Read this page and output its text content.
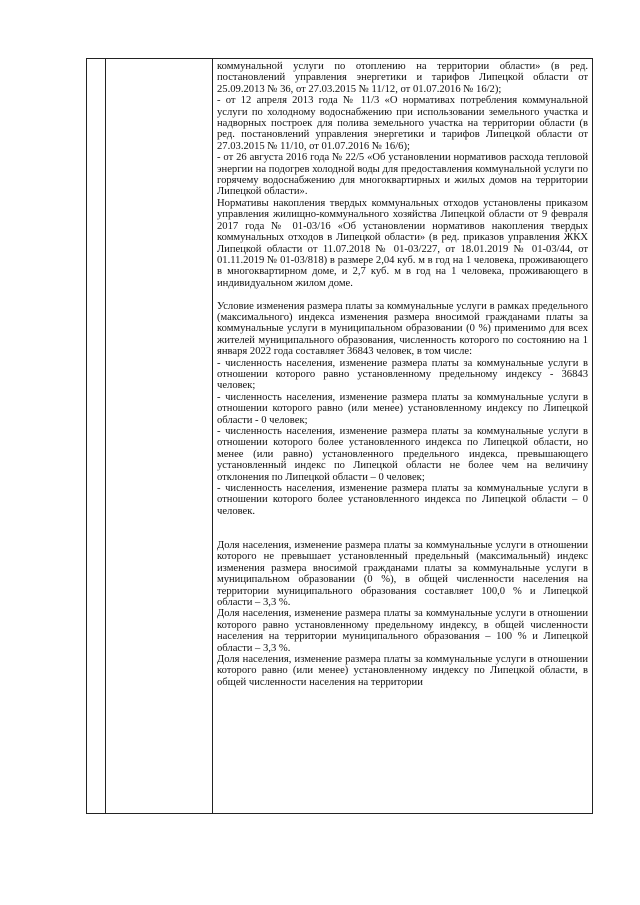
коммунальной услуги по отоплению на территории области» (в ред. постановлений управления энергетики и тарифов Липецкой области от 25.09.2013 № 36, от 27.03.2015 № 11/12, от 01.07.2016 № 16/2);

- от 12 апреля 2013 года № 11/3 «О нормативах потребления коммунальной услуги по холодному водоснабжению при использовании земельного участка и надворных построек для полива земельного участка на территории области (в ред. постановлений управления энергетики и тарифов Липецкой области от 27.03.2015 № 11/10, от 01.07.2016 № 16/6);

- от 26 августа 2016 года № 22/5 «Об установлении нормативов расхода тепловой энергии на подогрев холодной воды для предоставления коммунальной услуги по горячему водоснабжению для многоквартирных и жилых домов на территории Липецкой области».

Нормативы накопления твердых коммунальных отходов установлены приказом управления жилищно-коммунального хозяйства Липецкой области от 9 февраля 2017 года № 01-03/16 «Об установлении нормативов накопления твердых коммунальных отходов в Липецкой области» (в ред. приказов управления ЖКХ Липецкой области от 11.07.2018 № 01-03/227, от 18.01.2019 № 01-03/44, от 01.11.2019 № 01-03/818) в размере 2,04 куб. м в год на 1 человека, проживающего в многоквартирном доме, и 2,7 куб. м в год на 1 человека, проживающего в индивидуальном жилом доме.

Условие изменения размера платы за коммунальные услуги в рамках предельного (максимального) индекса изменения размера вносимой гражданами платы за коммунальные услуги в муниципальном образовании (0 %) применимо для всех жителей муниципального образования, численность которого по состоянию на 1 января 2022 года составляет 36843 человек, в том числе:

- численность населения, изменение размера платы за коммунальные услуги в отношении которого равно установленному предельному индексу - 36843 человек;

- численность населения, изменение размера платы за коммунальные услуги в отношении которого равно (или менее) установленному индексу по Липецкой области - 0 человек;

- численность населения, изменение размера платы за коммунальные услуги в отношении которого более установленного индекса по Липецкой области, но менее (или равно) установленного предельного индекса, превышающего установленный индекс по Липецкой области не более чем на величину отклонения по Липецкой области – 0 человек;

- численность населения, изменение размера платы за коммунальные услуги в отношении которого более установленного индекса по Липецкой области – 0 человек.

Доля населения, изменение размера платы за коммунальные услуги в отношении которого не превышает установленный предельный (максимальный) индекс изменения размера вносимой гражданами платы за коммунальные услуги в муниципальном образовании (0 %), в общей численности населения на территории муниципального образования составляет 100,0 % и Липецкой области – 3,3 %.

Доля населения, изменение размера платы за коммунальные услуги в отношении которого равно установленному предельному индексу, в общей численности населения на территории муниципального образования – 100 % и Липецкой области – 3,3 %.

Доля населения, изменение размера платы за коммунальные услуги в отношении которого равно (или менее) установленному индексу по Липецкой области, в общей численности населения на территории
